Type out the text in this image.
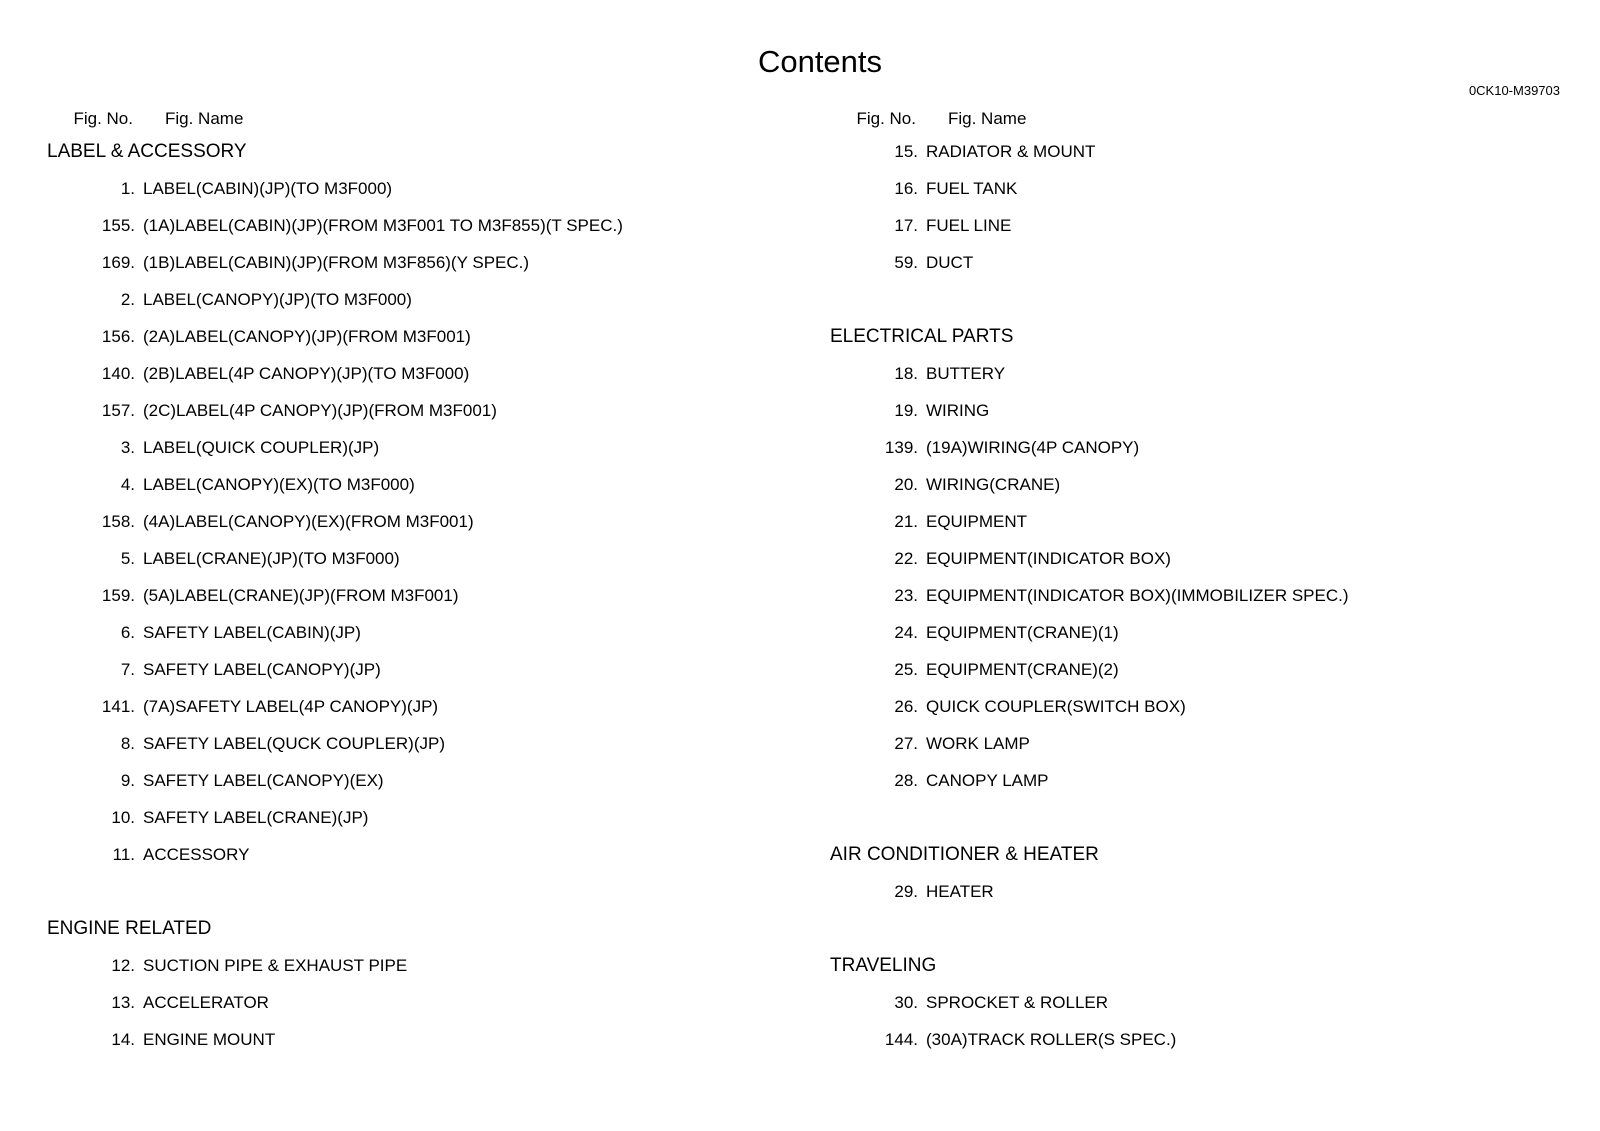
Contents
0CK10-M39703
Fig. No.	Fig. Name
LABEL & ACCESSORY
1. LABEL(CABIN)(JP)(TO M3F000)
155. (1A)LABEL(CABIN)(JP)(FROM M3F001 TO M3F855)(T SPEC.)
169. (1B)LABEL(CABIN)(JP)(FROM M3F856)(Y SPEC.)
2. LABEL(CANOPY)(JP)(TO M3F000)
156. (2A)LABEL(CANOPY)(JP)(FROM M3F001)
140. (2B)LABEL(4P CANOPY)(JP)(TO M3F000)
157. (2C)LABEL(4P CANOPY)(JP)(FROM M3F001)
3. LABEL(QUICK COUPLER)(JP)
4. LABEL(CANOPY)(EX)(TO M3F000)
158. (4A)LABEL(CANOPY)(EX)(FROM M3F001)
5. LABEL(CRANE)(JP)(TO M3F000)
159. (5A)LABEL(CRANE)(JP)(FROM M3F001)
6. SAFETY LABEL(CABIN)(JP)
7. SAFETY LABEL(CANOPY)(JP)
141. (7A)SAFETY LABEL(4P CANOPY)(JP)
8. SAFETY LABEL(QUCK COUPLER)(JP)
9. SAFETY LABEL(CANOPY)(EX)
10. SAFETY LABEL(CRANE)(JP)
11. ACCESSORY
ENGINE RELATED
12. SUCTION PIPE & EXHAUST PIPE
13. ACCELERATOR
14. ENGINE MOUNT
Fig. No.	Fig. Name
15. RADIATOR & MOUNT
16. FUEL TANK
17. FUEL LINE
59. DUCT
ELECTRICAL PARTS
18. BUTTERY
19. WIRING
139. (19A)WIRING(4P CANOPY)
20. WIRING(CRANE)
21. EQUIPMENT
22. EQUIPMENT(INDICATOR BOX)
23. EQUIPMENT(INDICATOR BOX)(IMMOBILIZER SPEC.)
24. EQUIPMENT(CRANE)(1)
25. EQUIPMENT(CRANE)(2)
26. QUICK COUPLER(SWITCH BOX)
27. WORK LAMP
28. CANOPY LAMP
AIR CONDITIONER & HEATER
29. HEATER
TRAVELING
30. SPROCKET & ROLLER
144. (30A)TRACK ROLLER(S SPEC.)
